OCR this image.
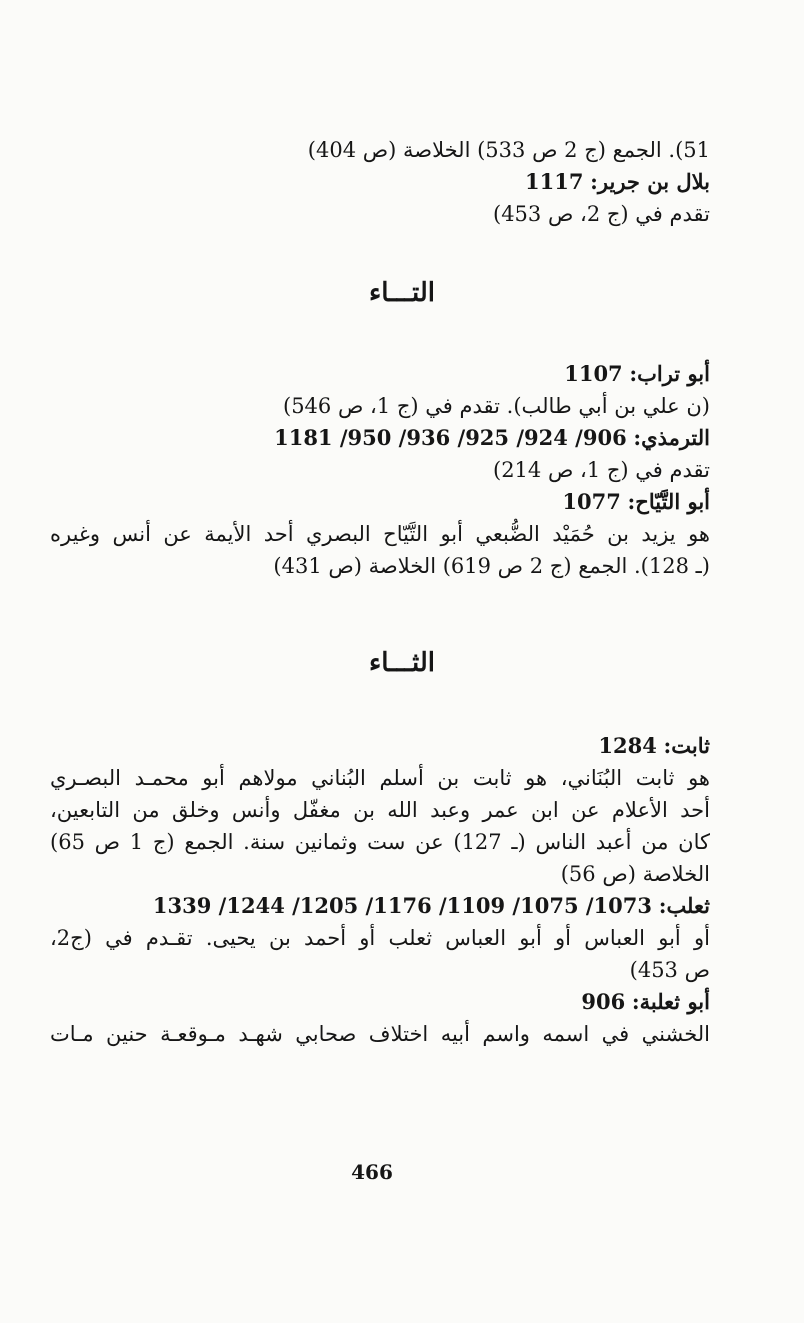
51). الجمع (ج 2 ص 533) الخلاصة (ص 404)
بلال بن جرير: 1117
تقدم في (ج 2، ص 453)
التـــاء
أبو تراب: 1107
(ن علي بن أبي طالب). تقدم في (ج 1، ص 546)
الترمذي: 906/ 924/ 925/ 936/ 950/ 1181
تقدم في (ج 1، ص 214)
أبو التَّيّاح: 1077
هو يزيد بن حُمَيْد الضُّبعي أبو التَّيّاح البصري أحد الأيمة عن أنس وغيره
(ـ 128). الجمع (ج 2 ص 619) الخلاصة (ص 431)
الثـــاء
ثابت: 1284
هو ثابت البُنَاني، هو ثابت بن أسلم البُناني مولاهم أبو محمـد البصـري
أحد الأعلام عن ابن عمر وعبد الله بن مغفّل وأنس وخلق من التابعين،
كان من أعبد الناس (ـ 127) عن ست وثمانين سنة. الجمع (ج 1 ص 65)
الخلاصة (ص 56)
ثعلب: 1073/ 1075/ 1109/ 1176/ 1205/ 1244/ 1339
أو أبو العباس أو أبو العباس ثعلب أو أحمد بن يحيى. تقـدم في (ج2،
ص 453)
أبو ثعلبة: 906
الخشني في اسمه واسم أبيه اختلاف صحابي شهـد مـوقعـة حنين مـات
466
